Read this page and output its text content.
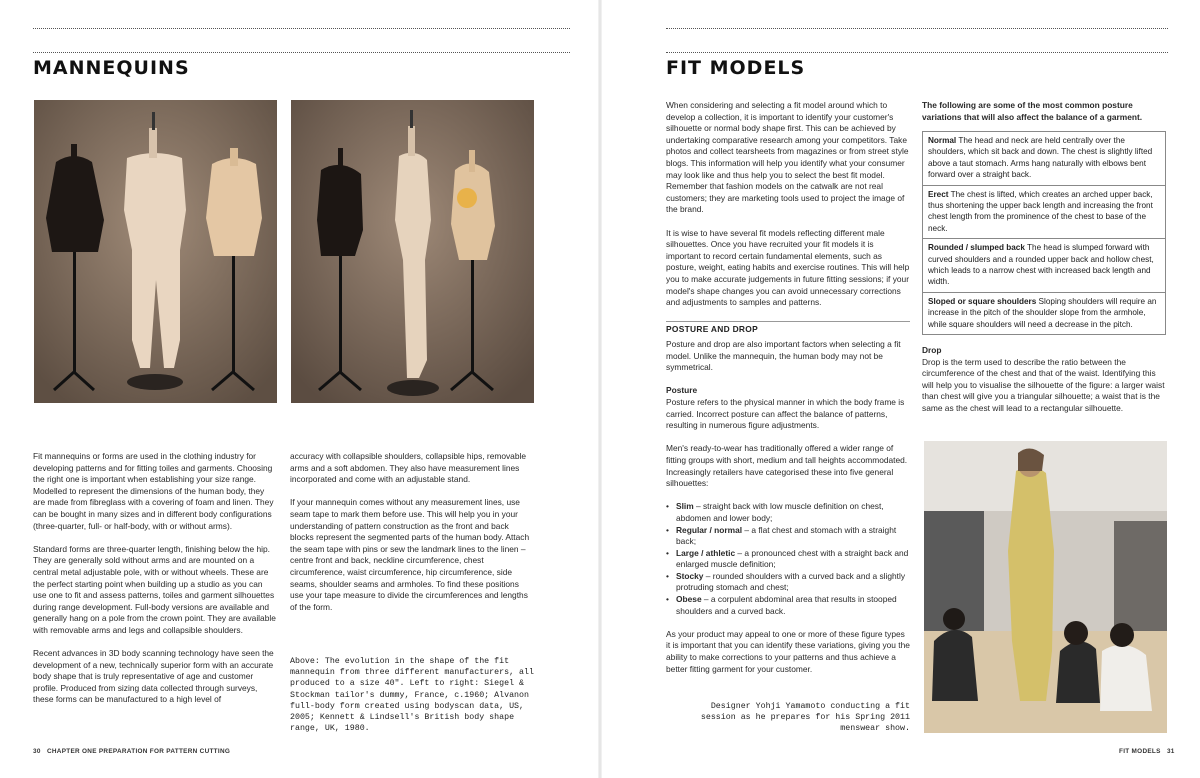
MANNEQUINS

Fit mannequins or forms are used in the clothing industry for developing patterns and for fitting toiles and garments. Choosing the right one is important when establishing your size range. Modelled to represent the dimensions of the human body, they are made from fibreglass with a covering of foam and linen. They can be bought in many sizes and in different body configurations (three-quarter, full- or half-body, with or without arms).

Standard forms are three-quarter length, finishing below the hip. They are generally sold without arms and are mounted on a central metal adjustable pole, with or without wheels. These are the perfect starting point when building up a studio as you can use one to fit and assess patterns, toiles and garment silhouettes during range development. Full-body versions are available and generally hang on a pole from the crown point. They are available with removable arms and legs and collapsible shoulders.

Recent advances in 3D body scanning technology have seen the development of a new, technically superior form with an accurate body shape that is truly representative of age and customer profile. Produced from sizing data collected through surveys, these forms can be manufactured to a high level of

accuracy with collapsible shoulders, collapsible hips, removable arms and a soft abdomen. They also have measurement lines incorporated and come with an adjustable stand.

If your mannequin comes without any measurement lines, use seam tape to mark them before use. This will help you in your understanding of pattern construction as the front and back blocks represent the segmented parts of the human body. Attach the seam tape with pins or sew the landmark lines to the linen – centre front and back, neckline circumference, chest circumference, waist circumference, hip circumference, side seams, shoulder seams and armholes. To find these positions use your tape measure to divide the circumferences and lengths of the form.

Above: The evolution in the shape of the fit mannequin from three different manufacturers, all produced to a size 40". Left to right: Siegel & Stockman tailor's dummy, France, c.1960; Alvanon full-body form created using bodyscan data, US, 2005; Kennett & Lindsell's British body shape range, UK, 1980.
30 CHAPTER ONE PREPARATION FOR PATTERN CUTTING
FIT MODELS

When considering and selecting a fit model around which to develop a collection, it is important to identify your customer's silhouette or normal body shape first. This can be achieved by undertaking comparative research among your competitors. Take photos and collect tearsheets from magazines or from street style blogs. This information will help you identify what your consumer may look like and thus help you to select the best fit model. Remember that fashion models on the catwalk are not real customers; they are marketing tools used to project the image of the brand.

It is wise to have several fit models reflecting different male silhouettes. Once you have recruited your fit models it is important to record certain fundamental elements, such as posture, weight, eating habits and exercise routines. This will help you to make accurate judgements in future fitting sessions; if your model's shape changes you can avoid unnecessary corrections and adjustments to samples and patterns.

POSTURE AND DROP

Posture and drop are also important factors when selecting a fit model. Unlike the mannequin, the human body may not be symmetrical.

Posture
Posture refers to the physical manner in which the body frame is carried. Incorrect posture can affect the balance of patterns, resulting in numerous figure adjustments.

Men's ready-to-wear has traditionally offered a wider range of fitting groups with short, medium and tall heights accommodated. Increasingly retailers have categorised these into five general silhouettes:

• Slim – straight back with low muscle definition on chest, abdomen and lower body;
• Regular / normal – a flat chest and stomach with a straight back;
• Large / athletic – a pronounced chest with a straight back and enlarged muscle definition;
• Stocky – rounded shoulders with a curved back and a slightly protruding stomach and chest;
• Obese – a corpulent abdominal area that results in stooped shoulders and a curved back.

As your product may appeal to one or more of these figure types it is important that you can identify these variations, giving you the ability to make corrections to your patterns and thus achieve a better fitting garment for your customer.

Designer Yohji Yamamoto conducting a fit session as he prepares for his Spring 2011 menswear show.
The following are some of the most common posture variations that will also affect the balance of a garment.
Normal The head and neck are held centrally over the shoulders, which sit back and down. The chest is slightly lifted above a taut stomach. Arms hang naturally with elbows bent forward over a straight back.
Erect The chest is lifted, which creates an arched upper back, thus shortening the upper back length and increasing the front chest length from the prominence of the chest to base of the neck.
Rounded / slumped back The head is slumped forward with curved shoulders and a rounded upper back and hollow chest, which leads to a narrow chest with increased back length and width.
Sloped or square shoulders Sloping shoulders will require an increase in the pitch of the shoulder slope from the armhole, while square shoulders will need a decrease in the pitch.
Drop
Drop is the term used to describe the ratio between the circumference of the chest and that of the waist. Identifying this will help you to visualise the silhouette of the figure: a larger waist than chest will give you a triangular silhouette; a waist that is the same as the chest will lead to a rectangular silhouette.
FIT MODELS 31
